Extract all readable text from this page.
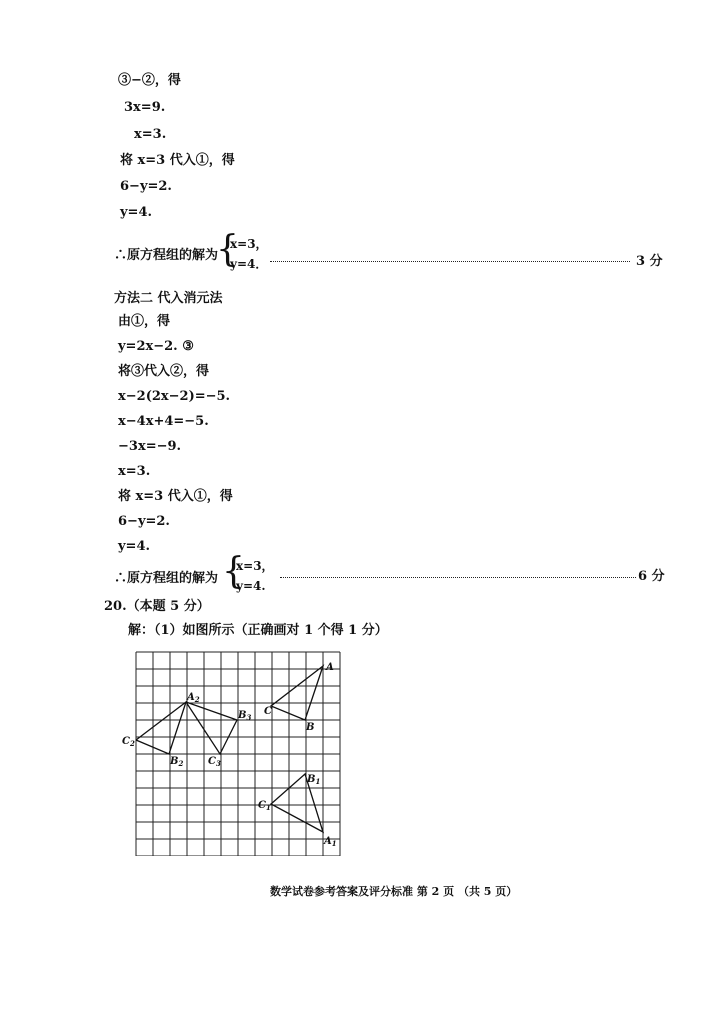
③−②，得
3x=9.
x=3.
将 x=3 代入①，得
6−y=2.
y=4.
∴原方程组的解为
{
x=3，
y=4．	3 分
方法二 代入消元法
由①，得
y=2x−2. ③
将③代入②，得
x−2(2x−2)=−5.
x−4x+4=−5.
−3x=−9.
x=3.
将 x=3 代入①，得
6−y=2.
y=4.
∴原方程组的解为 {
x=3，
y=4.
6 分
20.（本题 5 分）
解：（1）如图所示（正确画对 1 个得 1 分）
A
B
C
$A_1$
$B_1$
$C_1$
$A_2$
$B_2$
$C_2$
$B_3$
$C_3$
数学试卷参考答案及评分标准 第 2 页 （共 5 页）
